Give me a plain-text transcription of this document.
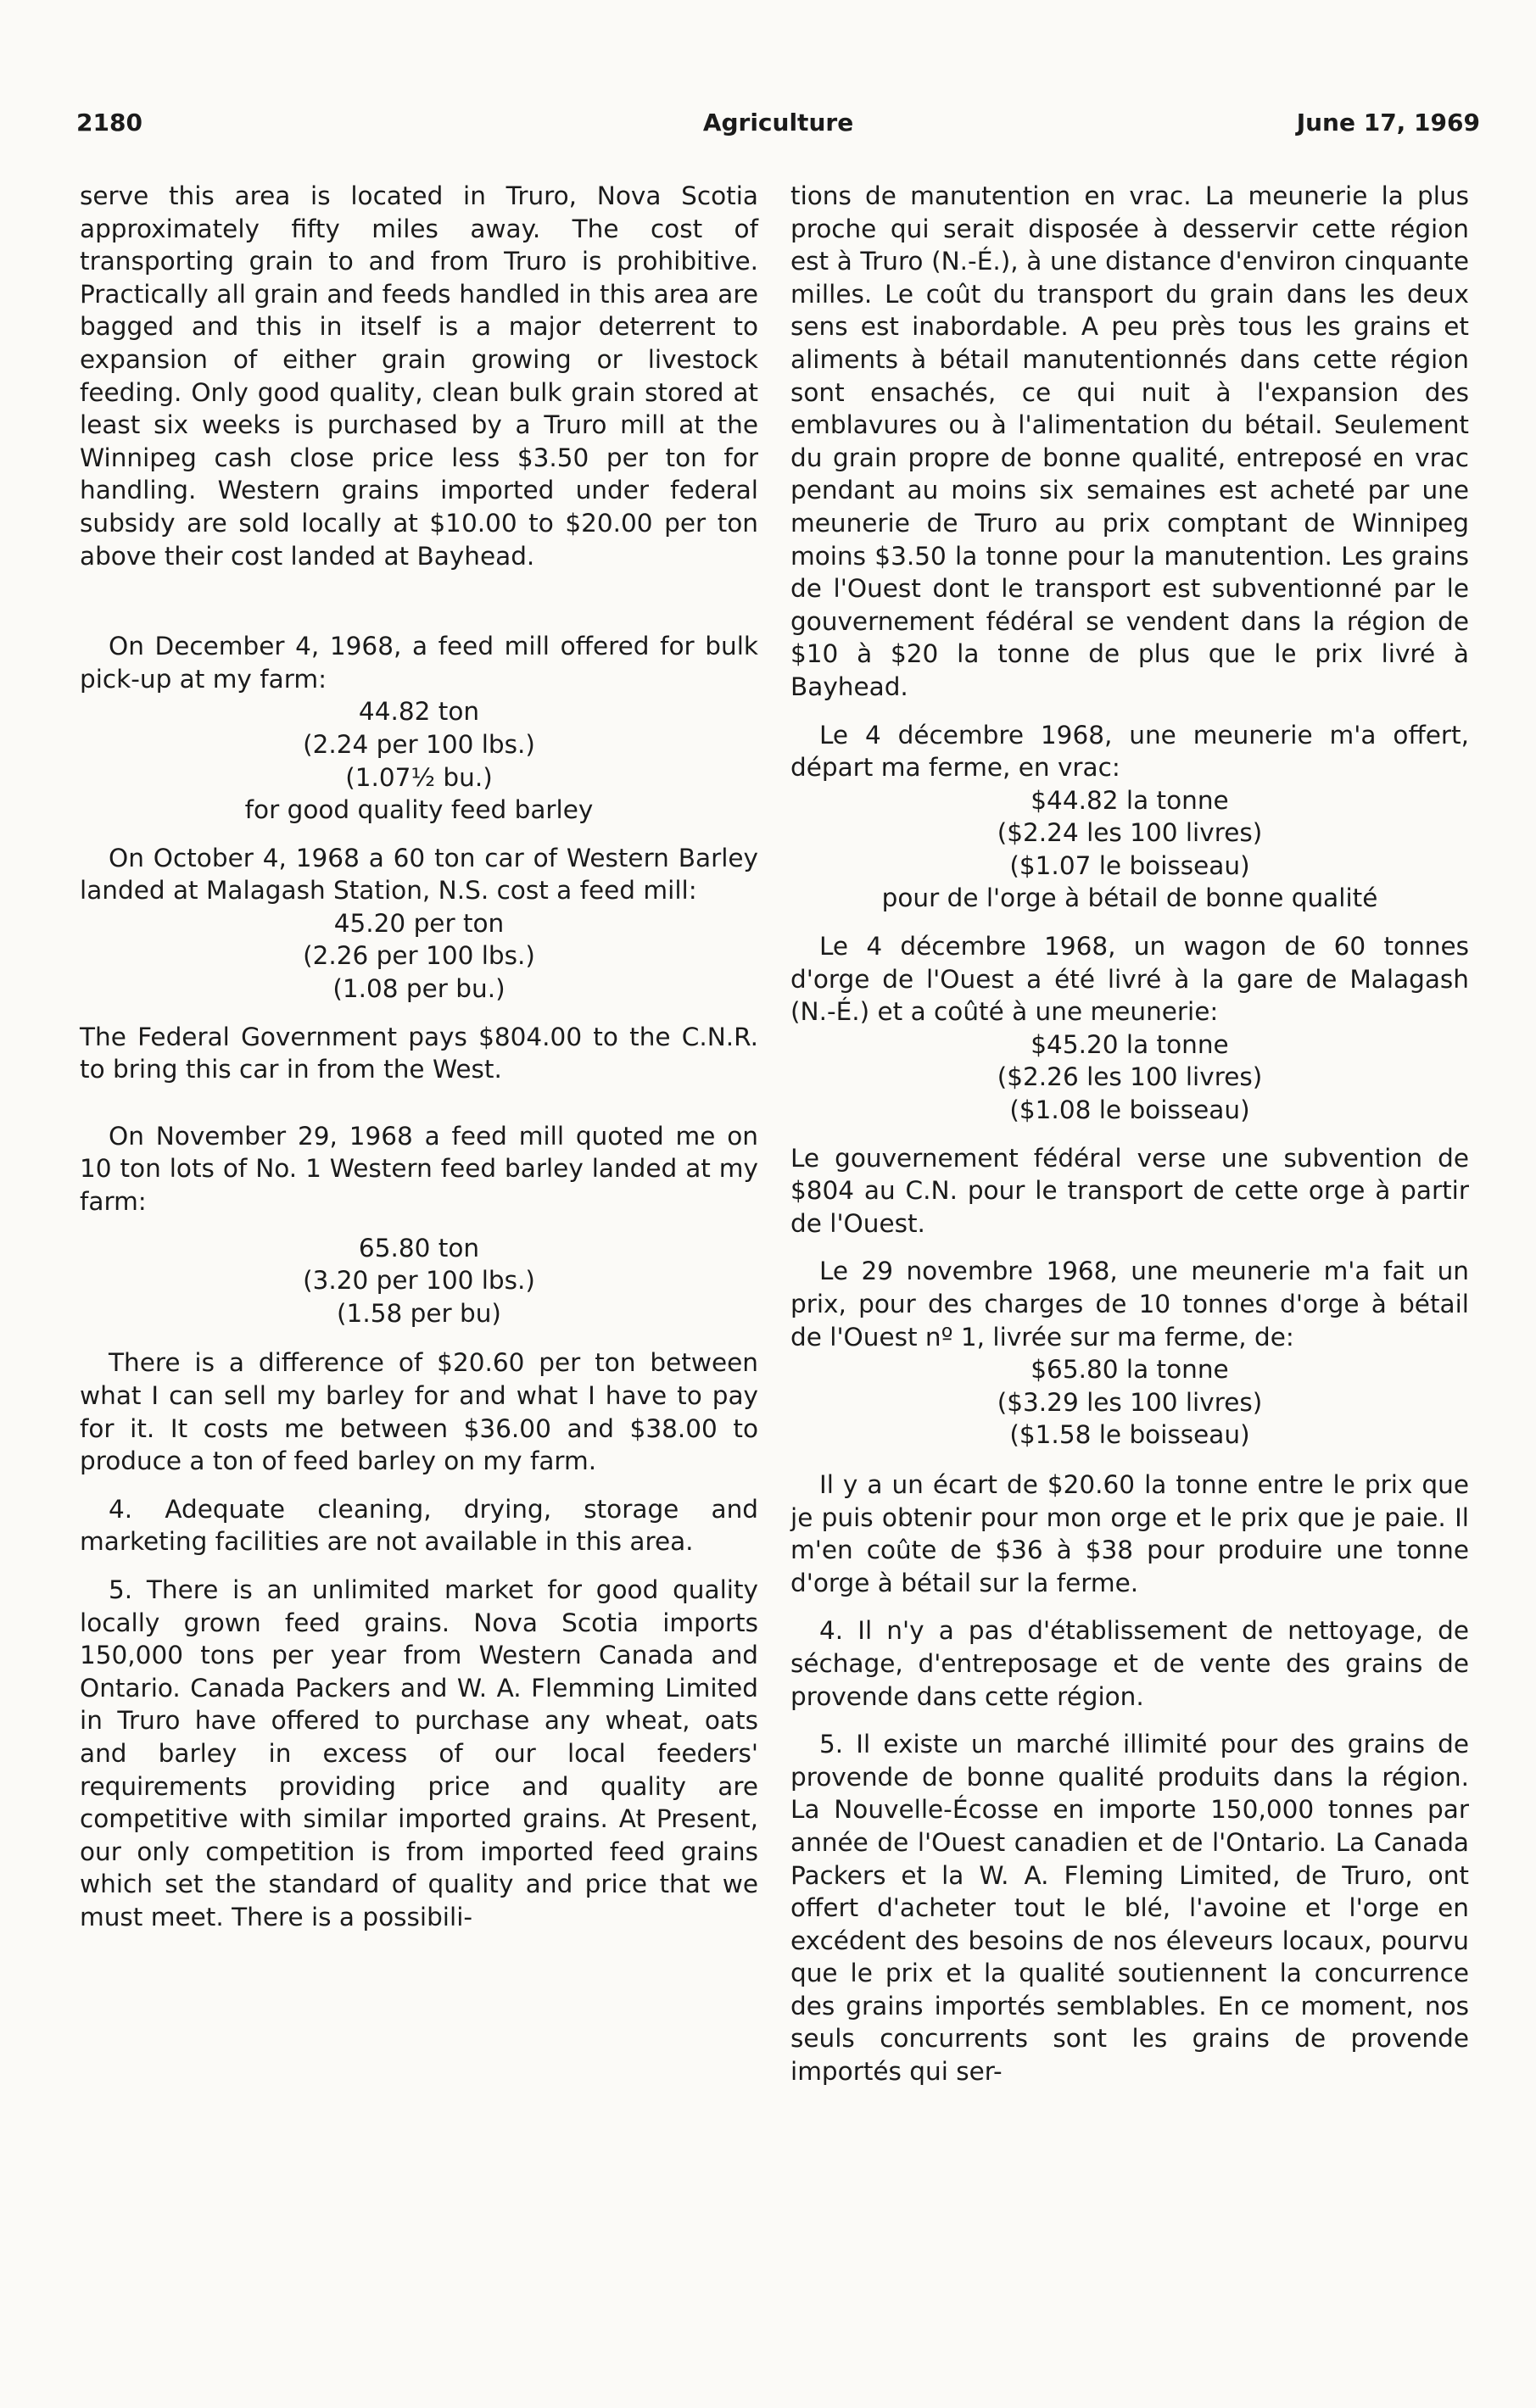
2180	Agriculture	June 17, 1969

serve this area is located in Truro, Nova Scotia approximately fifty miles away. The cost of transporting grain to and from Truro is prohibitive. Practically all grain and feeds handled in this area are bagged and this in itself is a major deterrent to expansion of either grain growing or livestock feeding. Only good quality, clean bulk grain stored at least six weeks is purchased by a Truro mill at the Winnipeg cash close price less $3.50 per ton for handling. Western grains imported under federal subsidy are sold locally at $10.00 to $20.00 per ton above their cost landed at Bayhead.

On December 4, 1968, a feed mill offered for bulk pick-up at my farm:

44.82 ton
(2.24 per 100 lbs.)
(1.07½ bu.)
for good quality feed barley

On October 4, 1968 a 60 ton car of Western Barley landed at Malagash Station, N.S. cost a feed mill:

45.20 per ton
(2.26 per 100 lbs.)
(1.08 per bu.)

The Federal Government pays $804.00 to the C.N.R. to bring this car in from the West.

On November 29, 1968 a feed mill quoted me on 10 ton lots of No. 1 Western feed barley landed at my farm:

65.80 ton
(3.20 per 100 lbs.)
(1.58 per bu)

There is a difference of $20.60 per ton between what I can sell my barley for and what I have to pay for it. It costs me between $36.00 and $38.00 to produce a ton of feed barley on my farm.

4. Adequate cleaning, drying, storage and marketing facilities are not available in this area.

5. There is an unlimited market for good quality locally grown feed grains. Nova Scotia imports 150,000 tons per year from Western Canada and Ontario. Canada Packers and W. A. Flemming Limited in Truro have offered to purchase any wheat, oats and barley in excess of our local feeders' requirements providing price and quality are competitive with similar imported grains. At Present, our only competition is from imported feed grains which set the standard of quality and price that we must meet. There is a possibili-

tions de manutention en vrac. La meunerie la plus proche qui serait disposée à desservir cette région est à Truro (N.-É.), à une distance d'environ cinquante milles. Le coût du transport du grain dans les deux sens est inabordable. A peu près tous les grains et aliments à bétail manutentionnés dans cette région sont ensachés, ce qui nuit à l'expansion des emblavures ou à l'alimentation du bétail. Seulement du grain propre de bonne qualité, entreposé en vrac pendant au moins six semaines est acheté par une meunerie de Truro au prix comptant de Winnipeg moins $3.50 la tonne pour la manutention. Les grains de l'Ouest dont le transport est subventionné par le gouvernement fédéral se vendent dans la région de $10 à $20 la tonne de plus que le prix livré à Bayhead.

Le 4 décembre 1968, une meunerie m'a offert, départ ma ferme, en vrac:

$44.82 la tonne
($2.24 les 100 livres)
($1.07 le boisseau)
pour de l'orge à bétail de bonne qualité

Le 4 décembre 1968, un wagon de 60 tonnes d'orge de l'Ouest a été livré à la gare de Malagash (N.-É.) et a coûté à une meunerie:

$45.20 la tonne
($2.26 les 100 livres)
($1.08 le boisseau)

Le gouvernement fédéral verse une subvention de $804 au C.N. pour le transport de cette orge à partir de l'Ouest.

Le 29 novembre 1968, une meunerie m'a fait un prix, pour des charges de 10 tonnes d'orge à bétail de l'Ouest nº 1, livrée sur ma ferme, de:

$65.80 la tonne
($3.29 les 100 livres)
($1.58 le boisseau)

Il y a un écart de $20.60 la tonne entre le prix que je puis obtenir pour mon orge et le prix que je paie. Il m'en coûte de $36 à $38 pour produire une tonne d'orge à bétail sur la ferme.

4. Il n'y a pas d'établissement de nettoyage, de séchage, d'entreposage et de vente des grains de provende dans cette région.

5. Il existe un marché illimité pour des grains de provende de bonne qualité produits dans la région. La Nouvelle-Écosse en importe 150,000 tonnes par année de l'Ouest canadien et de l'Ontario. La Canada Packers et la W. A. Fleming Limited, de Truro, ont offert d'acheter tout le blé, l'avoine et l'orge en excédent des besoins de nos éleveurs locaux, pourvu que le prix et la qualité soutiennent la concurrence des grains importés semblables. En ce moment, nos seuls concurrents sont les grains de provende importés qui ser-
